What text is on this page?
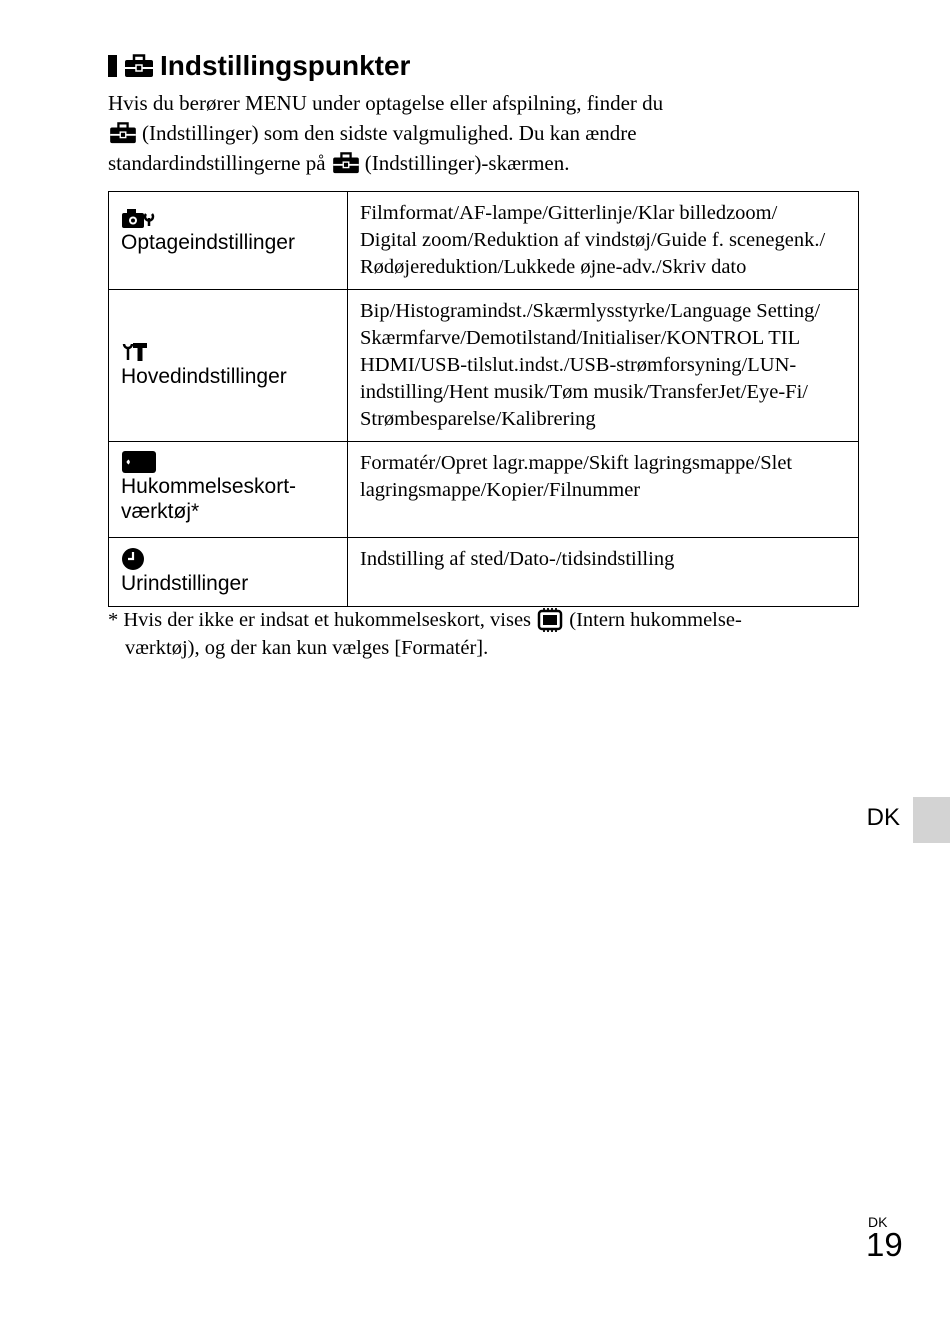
Indstillingspunkter
Hvis du berører MENU under optagelse eller afspilning, finder du
(Indstillinger) som den sidste valgmulighed. Du kan ændre
standardindstillingerne på (Indstillinger)-skærmen.
Optageindstillinger	Filmformat/AF-lampe/Gitterlinje/Klar billedzoom/
Digital zoom/Reduktion af vindstøj/Guide f. scenegenk./
Rødøjereduktion/Lukkede øjne-adv./Skriv dato

Hovedindstillinger	Bip/Histogramindst./Skærmlysstyrke/Language Setting/
Skærmfarve/Demotilstand/Initialiser/KONTROL TIL
HDMI/USB-tilslut.indst./USB-strømforsyning/LUN-
indstilling/Hent musik/Tøm musik/TransferJet/Eye-Fi/
Strømbesparelse/Kalibrering

Hukommelseskort-
værktøj*	Formatér/Opret lagr.mappe/Skift lagringsmappe/Slet
lagringsmappe/Kopier/Filnummer

Urindstillinger	Indstilling af sted/Dato-/tidsindstilling
* Hvis der ikke er indsat et hukommelseskort, vises (Intern hukommelse-
værktøj), og der kan kun vælges [Formatér].
DK
DK
19
